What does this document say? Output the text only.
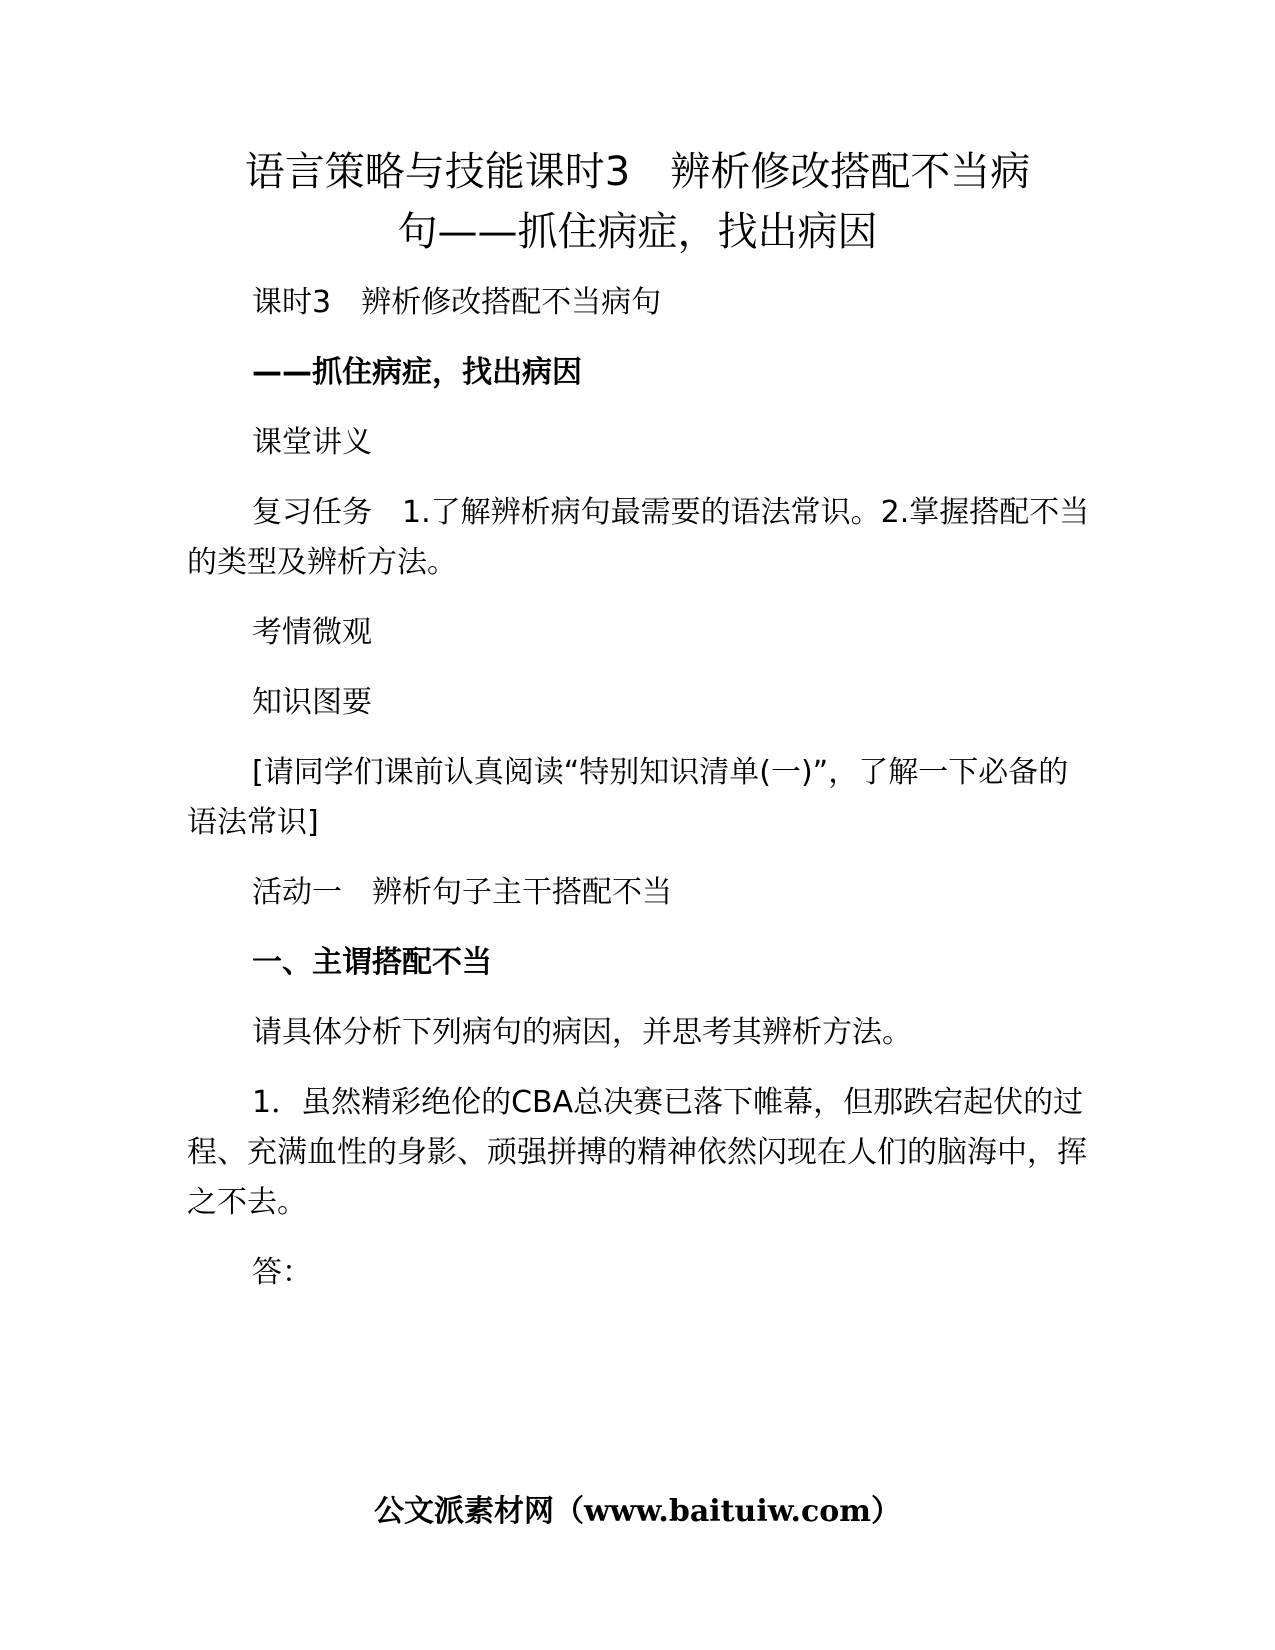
语言策略与技能课时3　辨析修改搭配不当病
句——抓住病症，找出病因

课时3　辨析修改搭配不当病句

——抓住病症，找出病因

课堂讲义

复习任务　1.了解辨析病句最需要的语法常识。2.掌握搭配不当的类型及辨析方法。

考情微观

知识图要

[请同学们课前认真阅读“特别知识清单(一)”，了解一下必备的语法常识]

活动一　辨析句子主干搭配不当

一、主谓搭配不当

请具体分析下列病句的病因，并思考其辨析方法。

1．虽然精彩绝伦的CBA总决赛已落下帷幕，但那跌宕起伏的过程、充满血性的身影、顽强拼搏的精神依然闪现在人们的脑海中，挥之不去。

答：

公文派素材网（www.baituiw.com）
